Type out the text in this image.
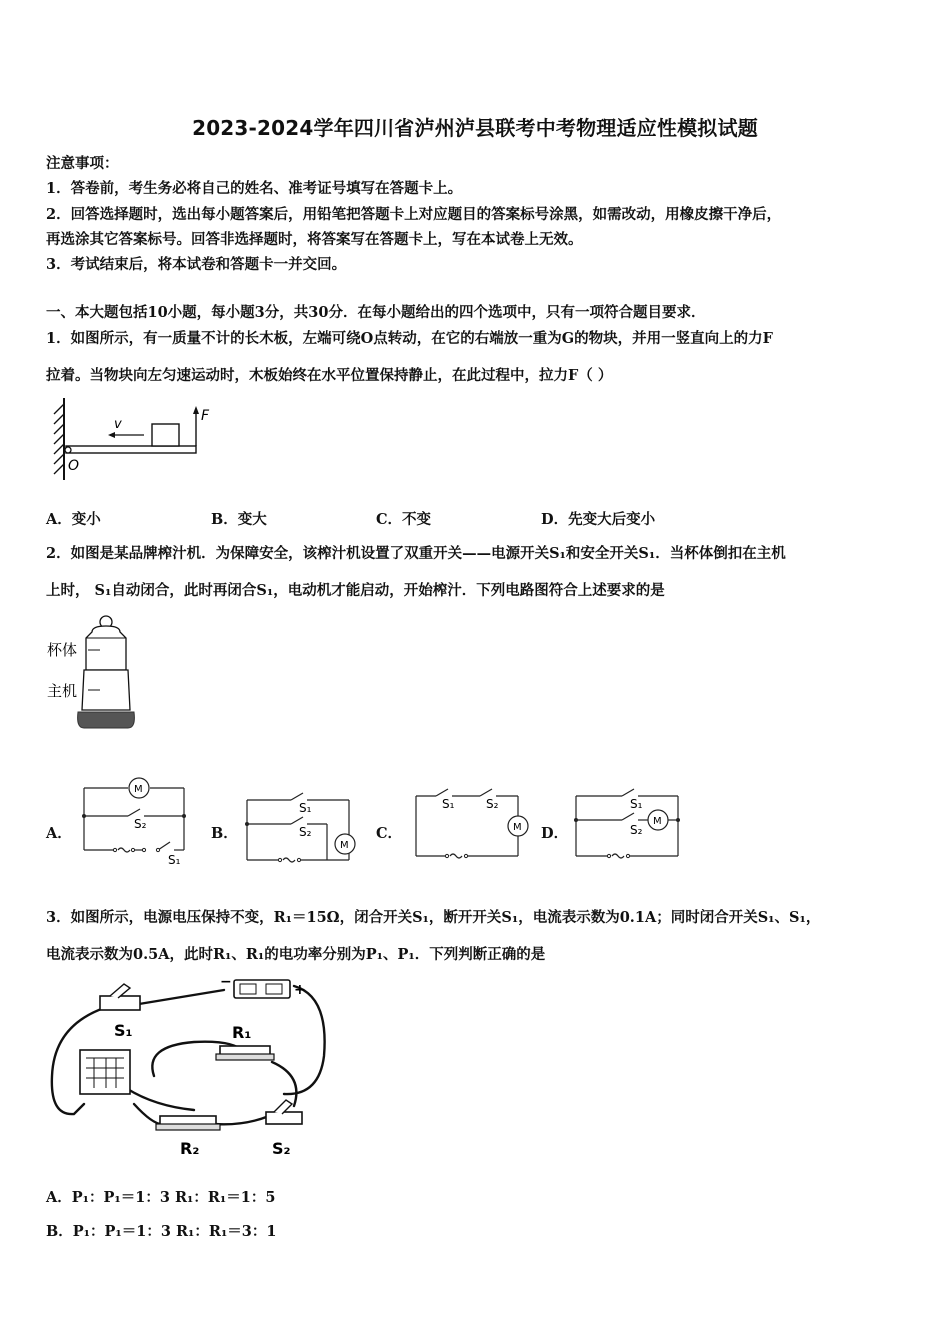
2023-2024学年四川省泸州泸县联考中考物理适应性模拟试题
注意事项：
1．答卷前，考生务必将自己的姓名、准考证号填写在答题卡上。
2．回答选择题时，选出每小题答案后，用铅笔把答题卡上对应题目的答案标号涂黑，如需改动，用橡皮擦干净后，
再选涂其它答案标号。回答非选择题时，将答案写在答题卡上，写在本试卷上无效。
3．考试结束后，将本试卷和答题卡一并交回。
一、本大题包括10小题，每小题3分，共30分．在每小题给出的四个选项中，只有一项符合题目要求．
1．如图所示，有一质量不计的长木板，左端可绕O点转动，在它的右端放一重为G的物块，并用一竖直向上的力F
拉着。当物块向左匀速运动时，木板始终在水平位置保持静止，在此过程中，拉力F（ ）
v
F
O
A．变小	B．变大	C．不变	D．先变大后变小
2．如图是某品牌榨汁机．为保障安全，该榨汁机设置了双重开关——电源开关S₁和安全开关S₁．当杯体倒扣在主机
上时， S₁自动闭合，此时再闭合S₁，电动机才能启动，开始榨汁．下列电路图符合上述要求的是
杯体
主机
A．
M
S₂
S₁
B．
M
S₁
S₂	C．	M
S₁	S₂
D．
M
S₁
S₂
3．如图所示，电源电压保持不变，R₁＝15Ω，闭合开关S₁，断开开关S₁，电流表示数为0.1A；同时闭合开关S₁、S₁，
电流表示数为0.5A，此时R₁、R₁的电功率分别为P₁、P₁．下列判断正确的是
+
−
S₁	R₁
R₂	S₂
A．P₁：P₁＝1：3 R₁：R₁＝1：5
B．P₁：P₁＝1：3 R₁：R₁＝3：1
